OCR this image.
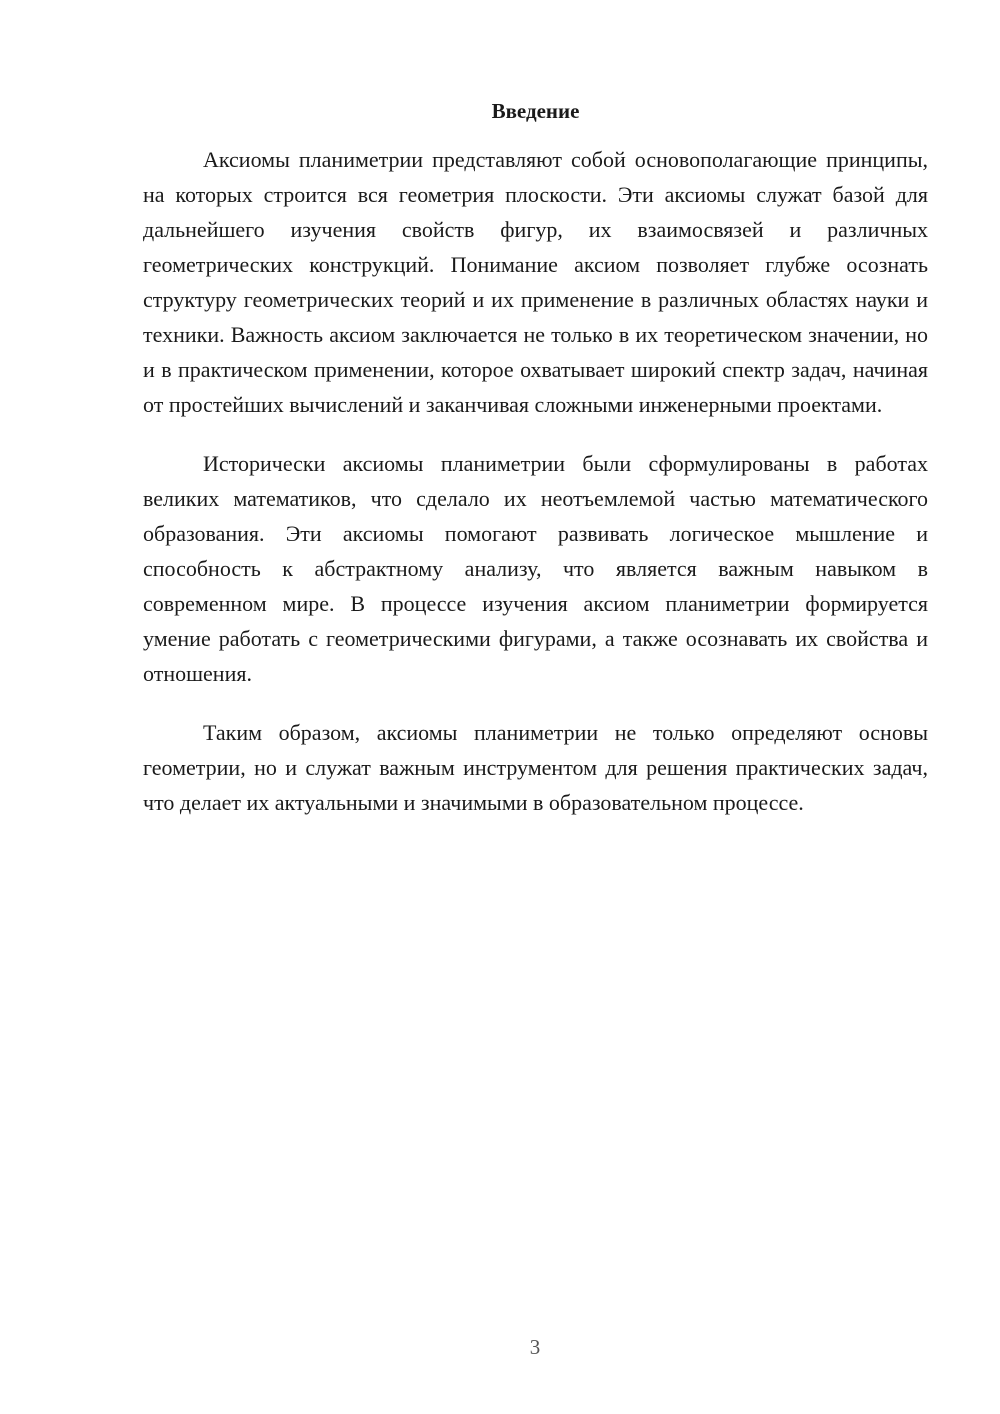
Введение

Аксиомы планиметрии представляют собой основополагающие принципы, на которых строится вся геометрия плоскости. Эти аксиомы служат базой для дальнейшего изучения свойств фигур, их взаимосвязей и различных геометрических конструкций. Понимание аксиом позволяет глубже осознать структуру геометрических теорий и их применение в различных областях науки и техники. Важность аксиом заключается не только в их теоретическом значении, но и в практическом применении, которое охватывает широкий спектр задач, начиная от простейших вычислений и заканчивая сложными инженерными проектами.

Исторически аксиомы планиметрии были сформулированы в работах великих математиков, что сделало их неотъемлемой частью математического образования. Эти аксиомы помогают развивать логическое мышление и способность к абстрактному анализу, что является важным навыком в современном мире. В процессе изучения аксиом планиметрии формируется умение работать с геометрическими фигурами, а также осознавать их свойства и отношения.

Таким образом, аксиомы планиметрии не только определяют основы геометрии, но и служат важным инструментом для решения практических задач, что делает их актуальными и значимыми в образовательном процессе.

3
